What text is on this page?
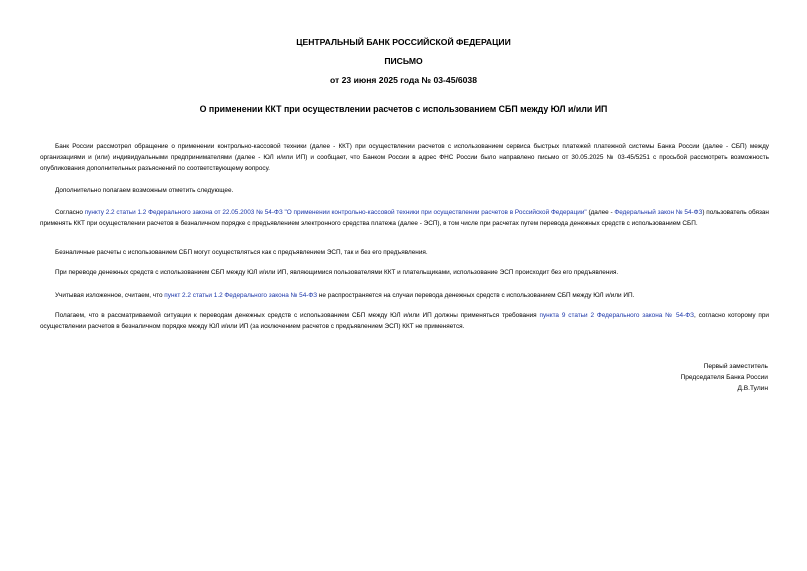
ЦЕНТРАЛЬНЫЙ БАНК РОССИЙСКОЙ ФЕДЕРАЦИИ
ПИСЬМО
от 23 июня 2025 года № 03-45/6038
О применении ККТ при осуществлении расчетов с использованием СБП между ЮЛ и/или ИП

Банк России рассмотрел обращение о применении контрольно-кассовой техники (далее - ККТ) при осуществлении расчетов с использованием сервиса быстрых платежей платежной системы Банка России (далее - СБП) между организациями и (или) индивидуальными предпринимателями (далее - ЮЛ и/или ИП) и сообщает, что Банком России в адрес ФНС России было направлено письмо от 30.05.2025 № 03-45/5251 с просьбой рассмотреть возможность опубликования дополнительных разъяснений по соответствующему вопросу.

Дополнительно полагаем возможным отметить следующее.

Согласно пункту 2.2 статьи 1.2 Федерального закона от 22.05.2003 № 54-ФЗ "О применении контрольно-кассовой техники при осуществлении расчетов в Российской Федерации" (далее - Федеральный закон № 54-ФЗ) пользователь обязан применять ККТ при осуществлении расчетов в безналичном порядке с предъявлением электронного средства платежа (далее - ЭСП), в том числе при расчетах путем перевода денежных средств с использованием СБП.

Безналичные расчеты с использованием СБП могут осуществляться как с предъявлением ЭСП, так и без его предъявления.

При переводе денежных средств с использованием СБП между ЮЛ и/или ИП, являющимися пользователями ККТ и плательщиками, использование ЭСП происходит без его предъявления.

Учитывая изложенное, считаем, что пункт 2.2 статьи 1.2 Федерального закона № 54-ФЗ не распространяется на случаи перевода денежных средств с использованием СБП между ЮЛ и/или ИП.

Полагаем, что в рассматриваемой ситуации к переводам денежных средств с использованием СБП между ЮЛ и/или ИП должны применяться требования пункта 9 статьи 2 Федерального закона № 54-ФЗ, согласно которому при осуществлении расчетов в безналичном порядке между ЮЛ и/или ИП (за исключением расчетов с предъявлением ЭСП) ККТ не применяется.

Первый заместитель
Председателя Банка России
Д.В.Тулин
